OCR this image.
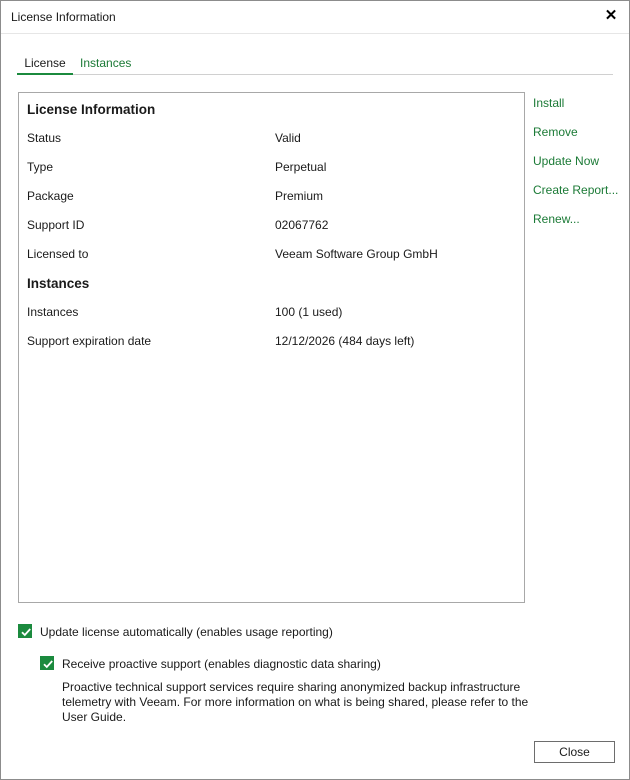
License Information	✕
License	Instances
License Information
Status	Valid
Type	Perpetual
Package	Premium
Support ID	02067762
Licensed to	Veeam Software Group GmbH
Instances
Instances	100 (1 used)
Support expiration date	12/12/2026 (484 days left)
Install
Remove
Update Now
Create Report...
Renew...
Update license automatically (enables usage reporting)
Receive proactive support (enables diagnostic data sharing)
Proactive technical support services require sharing anonymized backup infrastructure telemetry with Veeam. For more information on what is being shared, please refer to the User Guide.
Close
